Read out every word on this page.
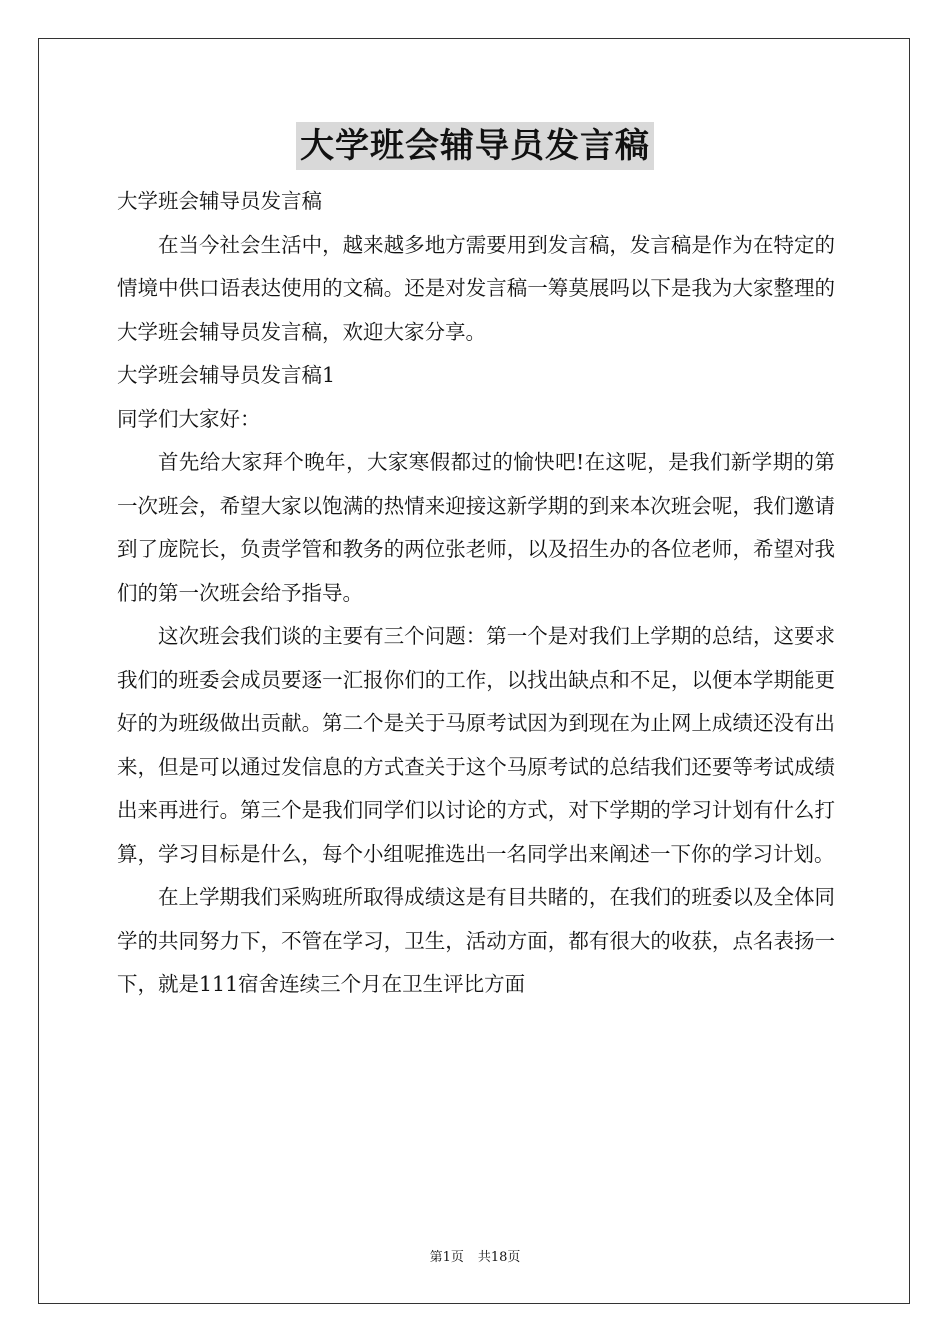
大学班会辅导员发言稿

大学班会辅导员发言稿

在当今社会生活中，越来越多地方需要用到发言稿，发言稿是作为在特定的情境中供口语表达使用的文稿。还是对发言稿一筹莫展吗以下是我为大家整理的大学班会辅导员发言稿，欢迎大家分享。

大学班会辅导员发言稿1

同学们大家好：

首先给大家拜个晚年，大家寒假都过的愉快吧!在这呢，是我们新学期的第一次班会，希望大家以饱满的热情来迎接这新学期的到来本次班会呢，我们邀请到了庞院长，负责学管和教务的两位张老师，以及招生办的各位老师，希望对我们的第一次班会给予指导。

这次班会我们谈的主要有三个问题：第一个是对我们上学期的总结，这要求我们的班委会成员要逐一汇报你们的工作，以找出缺点和不足，以便本学期能更好的为班级做出贡献。第二个是关于马原考试因为到现在为止网上成绩还没有出来，但是可以通过发信息的方式查关于这个马原考试的总结我们还要等考试成绩出来再进行。第三个是我们同学们以讨论的方式，对下学期的学习计划有什么打算，学习目标是什么，每个小组呢推选出一名同学出来阐述一下你的学习计划。

在上学期我们采购班所取得成绩这是有目共睹的，在我们的班委以及全体同学的共同努力下，不管在学习，卫生，活动方面，都有很大的收获，点名表扬一下，就是111宿舍连续三个月在卫生评比方面

第1页 共18页
